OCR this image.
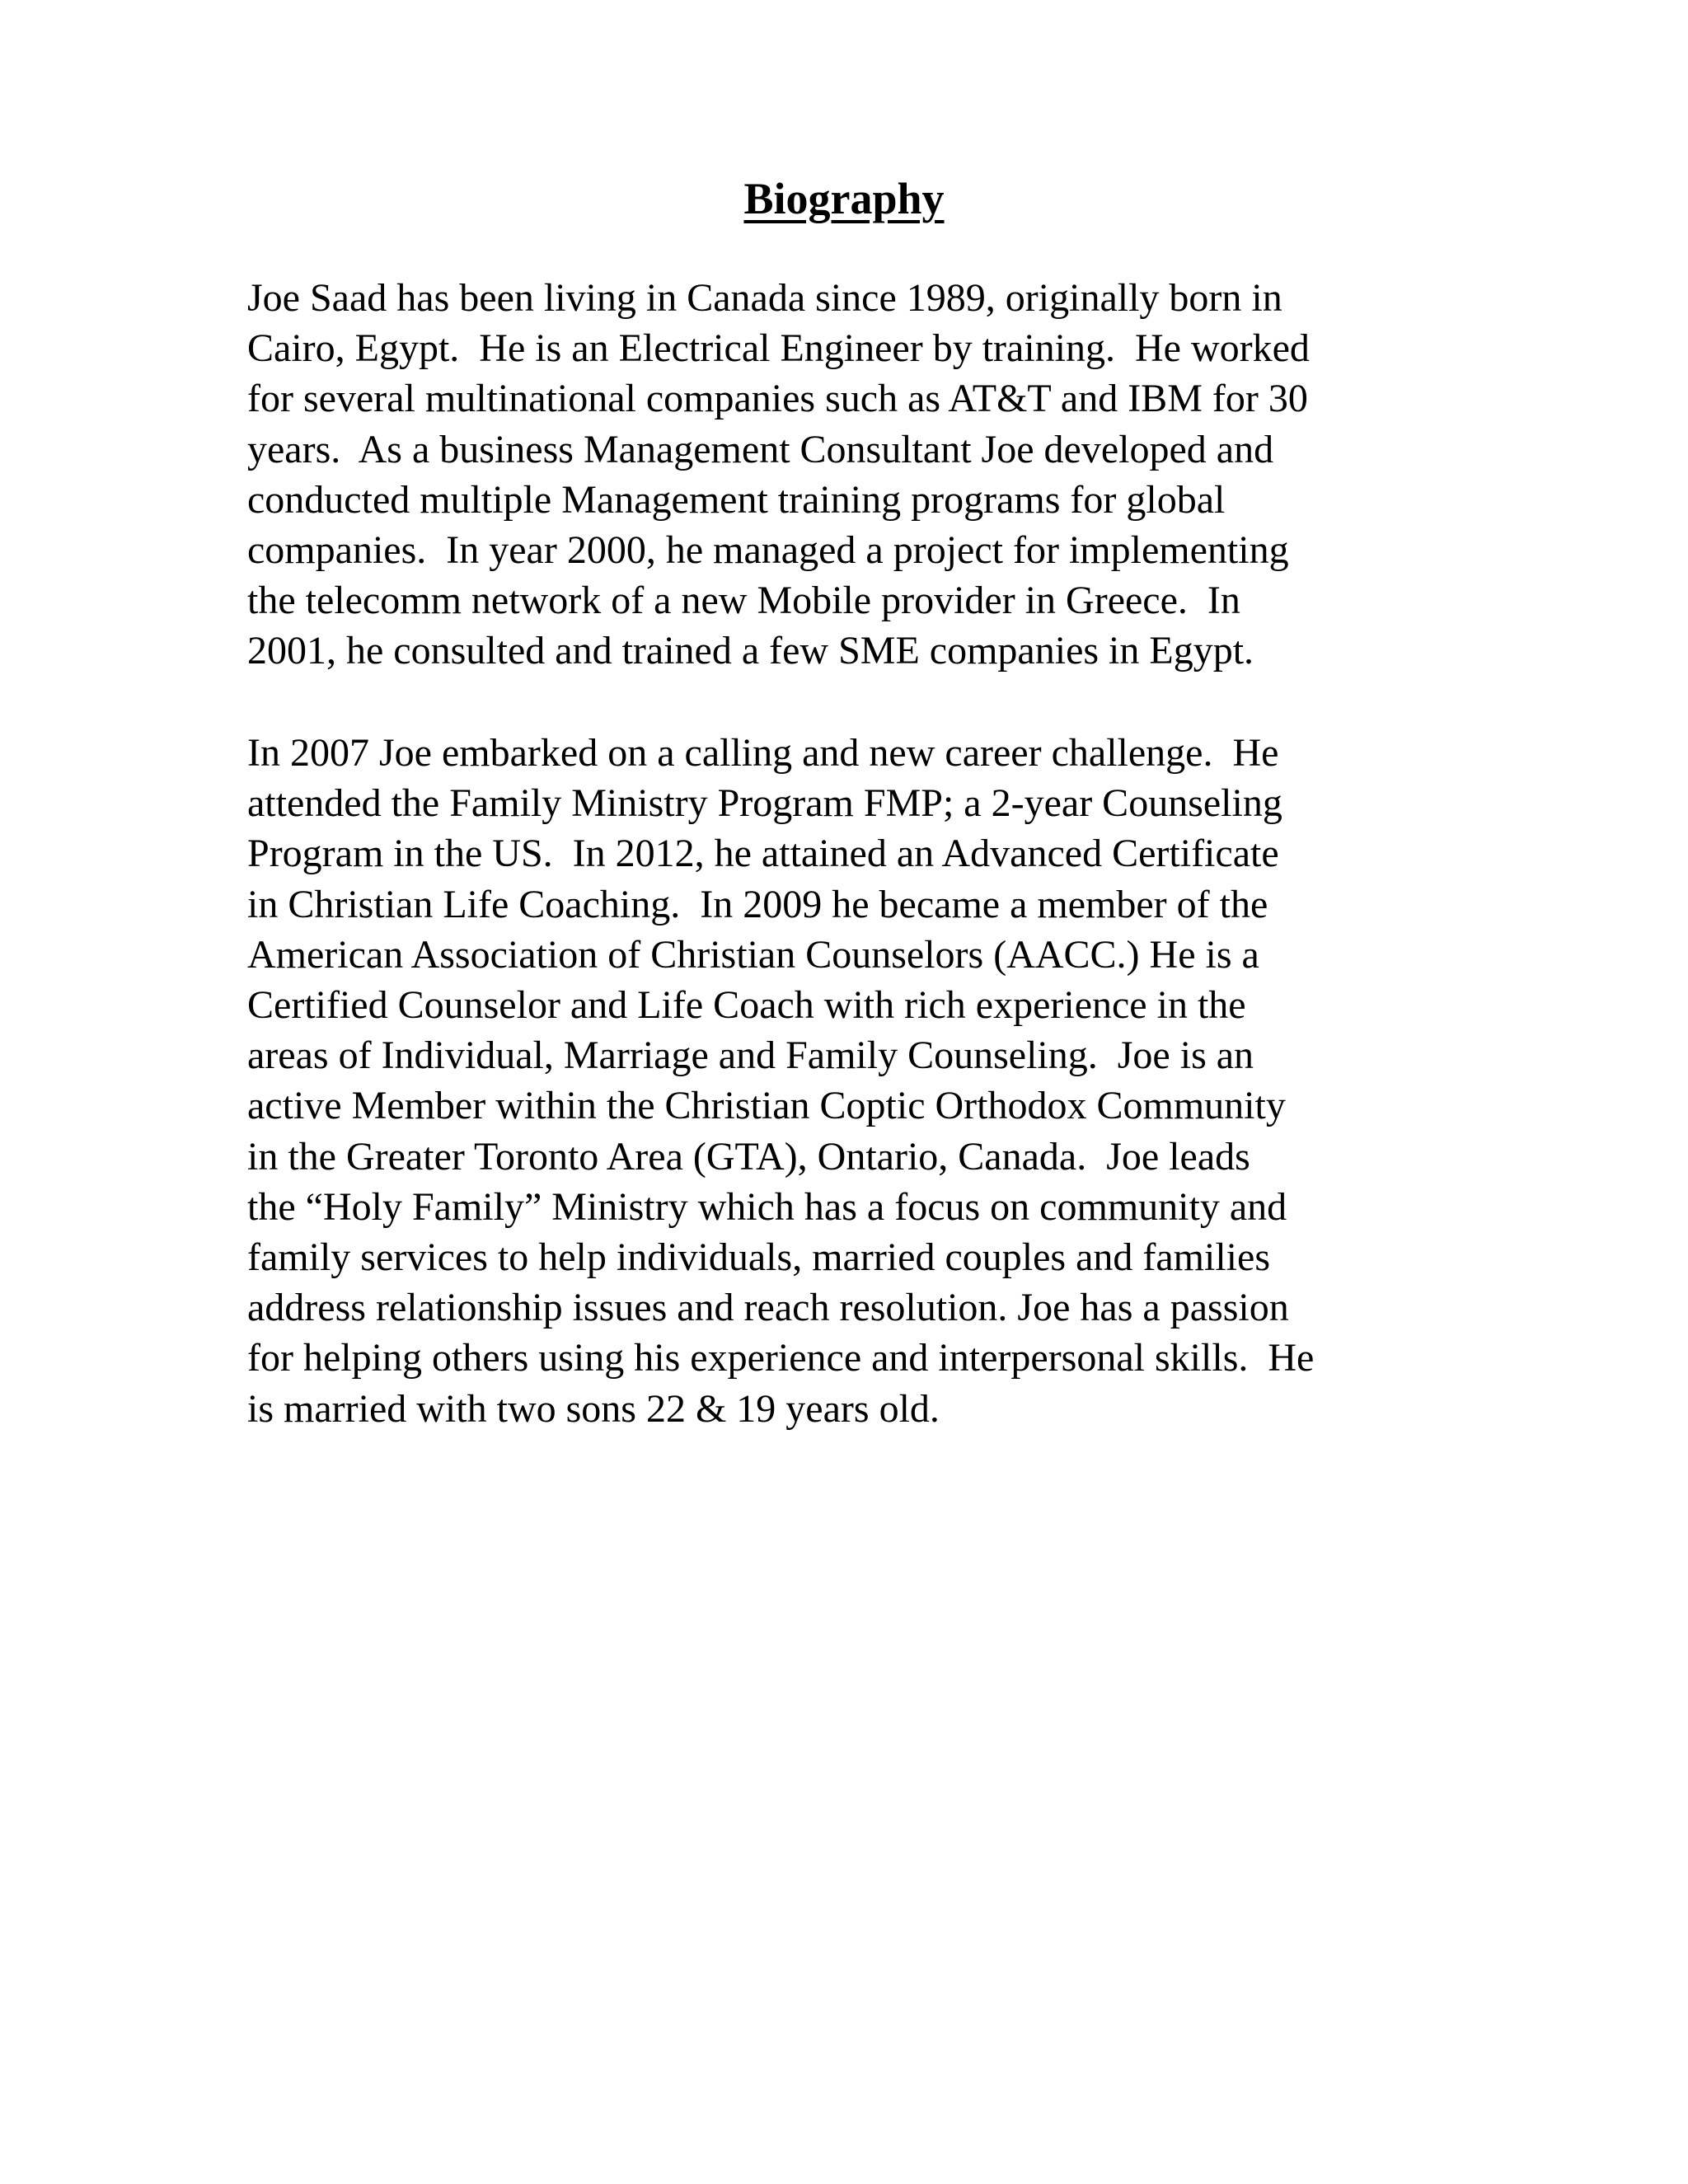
Biography
Joe Saad has been living in Canada since 1989, originally born in
Cairo, Egypt.  He is an Electrical Engineer by training.  He worked
for several multinational companies such as AT&T and IBM for 30
years.  As a business Management Consultant Joe developed and
conducted multiple Management training programs for global
companies.  In year 2000, he managed a project for implementing
the telecomm network of a new Mobile provider in Greece.  In
2001, he consulted and trained a few SME companies in Egypt.
In 2007 Joe embarked on a calling and new career challenge.  He
attended the Family Ministry Program FMP; a 2-year Counseling
Program in the US.  In 2012, he attained an Advanced Certificate
in Christian Life Coaching.  In 2009 he became a member of the
American Association of Christian Counselors (AACC.) He is a
Certified Counselor and Life Coach with rich experience in the
areas of Individual, Marriage and Family Counseling.  Joe is an
active Member within the Christian Coptic Orthodox Community
in the Greater Toronto Area (GTA), Ontario, Canada.  Joe leads
the “Holy Family” Ministry which has a focus on community and
family services to help individuals, married couples and families
address relationship issues and reach resolution. Joe has a passion
for helping others using his experience and interpersonal skills.  He
is married with two sons 22 & 19 years old.
